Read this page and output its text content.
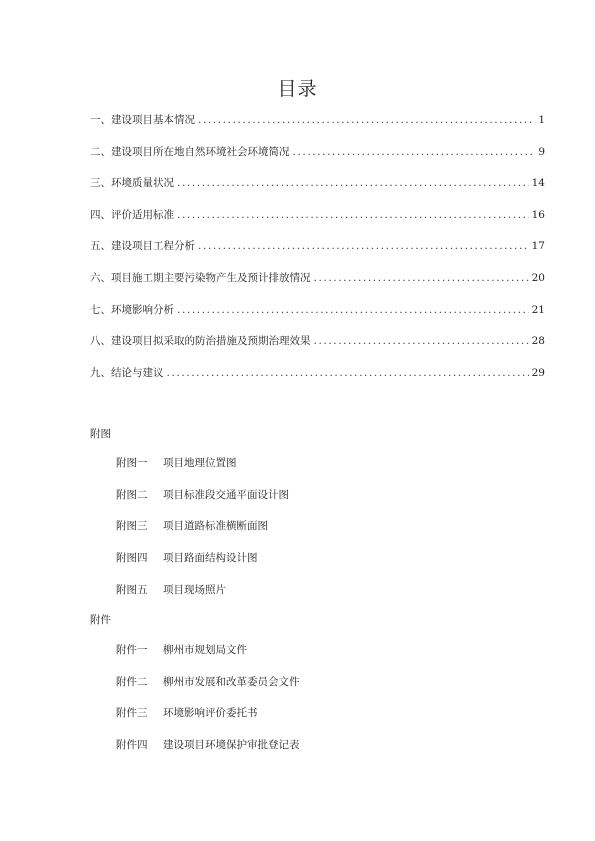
目录
一、建设项目基本情况 .....	1
二、建设项目所在地自然环境社会环境简况 .....	9
三、环境质量状况 .....	14
四、评价适用标准 .....	16
五、建设项目工程分析 .....	17
六、项目施工期主要污染物产生及预计排放情况 .....	20
七、环境影响分析 .....	21
八、建设项目拟采取的防治措施及预期治理效果 .....	28
九、结论与建议 .....	29
附图
附图一 项目地理位置图
附图二 项目标准段交通平面设计图
附图三 项目道路标准横断面图
附图四 项目路面结构设计图
附图五 项目现场照片
附件
附件一 柳州市规划局文件
附件二 柳州市发展和改革委员会文件
附件三 环境影响评价委托书
附件四 建设项目环境保护审批登记表
